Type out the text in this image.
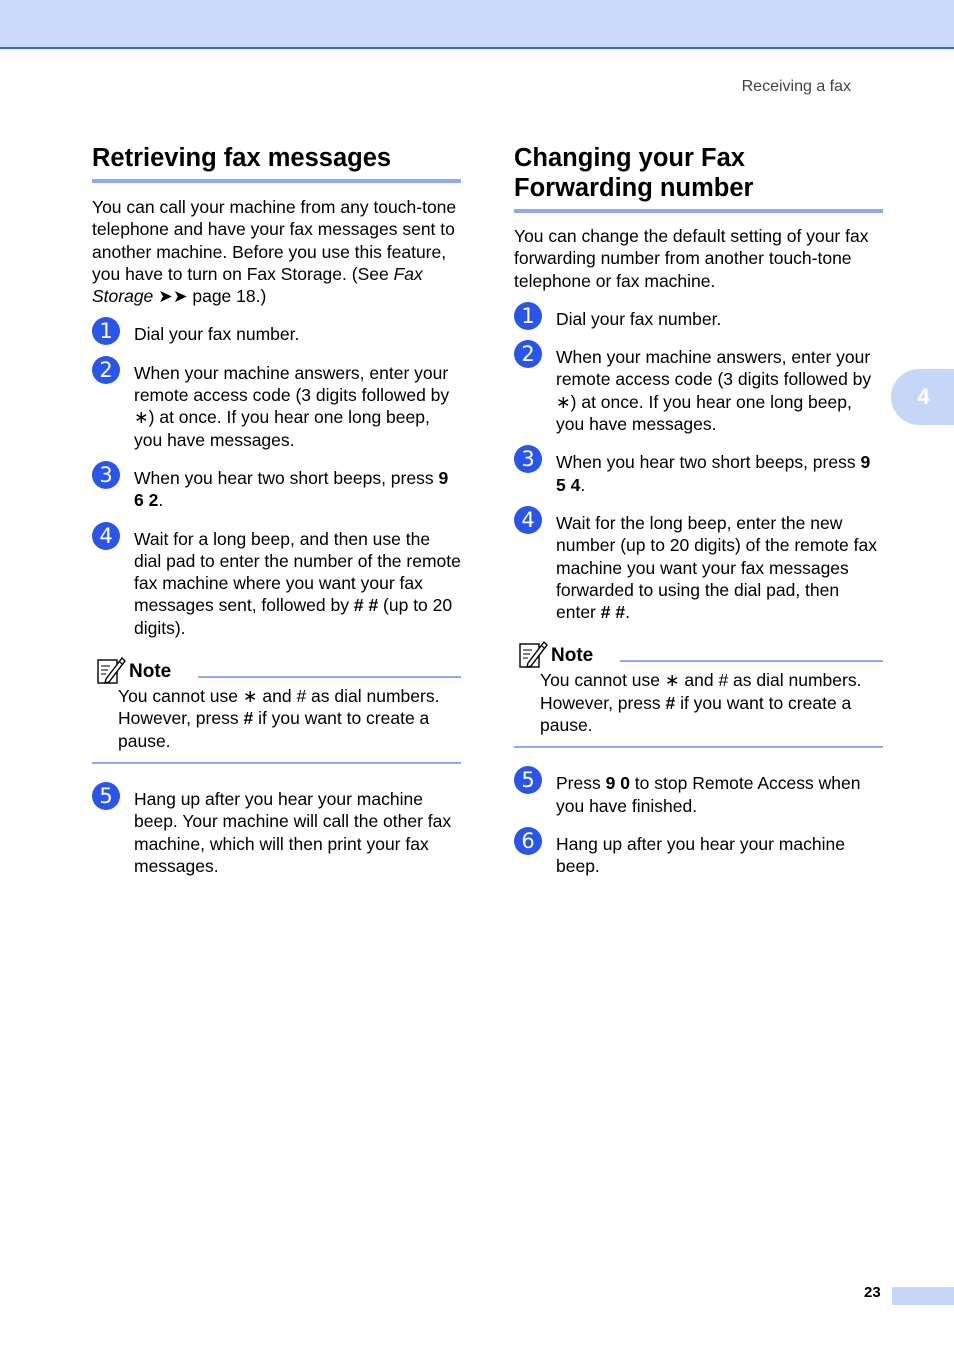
Receiving a fax
4
Retrieving fax messages

You can call your machine from any touch-tone telephone and have your fax messages sent to another machine. Before you use this feature, you have to turn on Fax Storage. (See Fax Storage ➤➤ page 18.)

1	Dial your fax number.
2	When your machine answers, enter your remote access code (3 digits followed by ∗) at once. If you hear one long beep, you have messages.
3	When you hear two short beeps, press 9 6 2.
4	Wait for a long beep, and then use the dial pad to enter the number of the remote fax machine where you want your fax messages sent, followed by # # (up to 20 digits).
Note
You cannot use ∗ and # as dial numbers. However, press # if you want to create a pause.
5	Hang up after you hear your machine beep. Your machine will call the other fax machine, which will then print your fax messages.
Changing your Fax
Forwarding number

You can change the default setting of your fax forwarding number from another touch-tone telephone or fax machine.

1	Dial your fax number.
2	When your machine answers, enter your remote access code (3 digits followed by ∗) at once. If you hear one long beep, you have messages.
3	When you hear two short beeps, press 9 5 4.
4	Wait for the long beep, enter the new number (up to 20 digits) of the remote fax machine you want your fax messages forwarded to using the dial pad, then enter # #.
Note
You cannot use ∗ and # as dial numbers. However, press # if you want to create a pause.
5	Press 9 0 to stop Remote Access when you have finished.
6	Hang up after you hear your machine beep.
23
